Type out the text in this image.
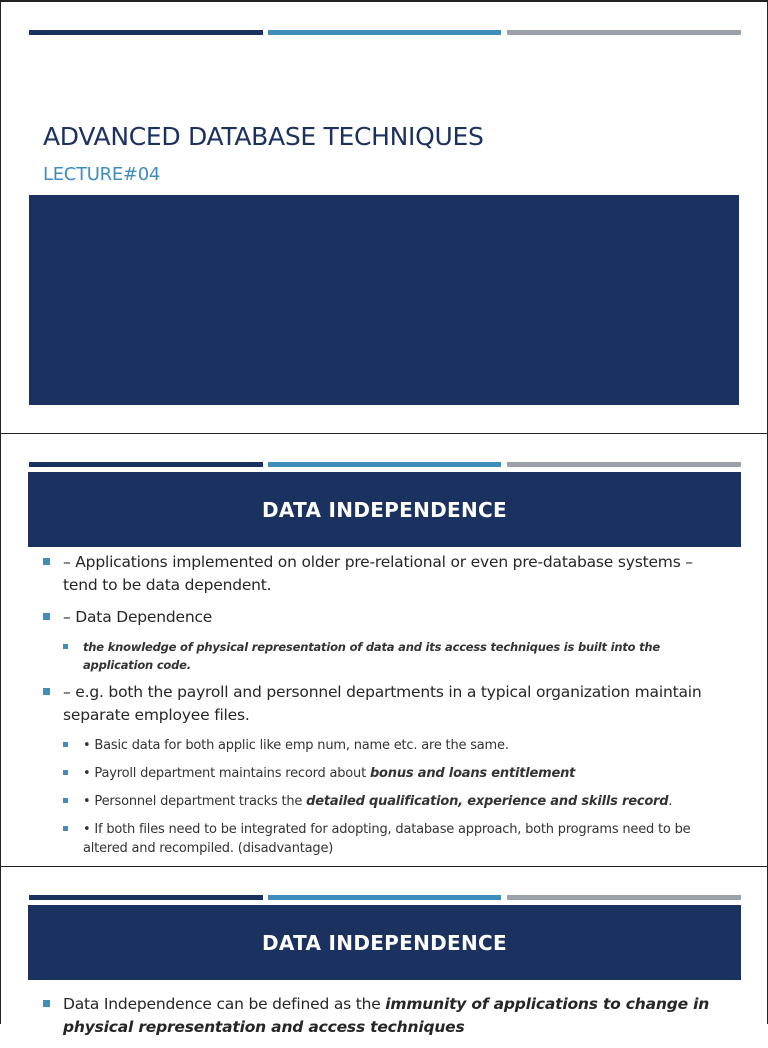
ADVANCED DATABASE TECHNIQUES
LECTURE#04
DATA INDEPENDENCE
– Applications implemented on older pre-relational or even pre-database systems – tend to be data dependent.
– Data Dependence
the knowledge of physical representation of data and its access techniques is built into the application code.
– e.g. both the payroll and personnel departments in a typical organization maintain separate employee files.
• Basic data for both applic like emp num, name etc. are the same.
• Payroll department maintains record about bonus and loans entitlement
• Personnel department tracks the detailed qualification, experience and skills record.
• If both files need to be integrated for adopting, database approach, both programs need to be altered and recompiled. (disadvantage)
DATA INDEPENDENCE
Data Independence can be defined as the immunity of applications to change in physical representation and access techniques
